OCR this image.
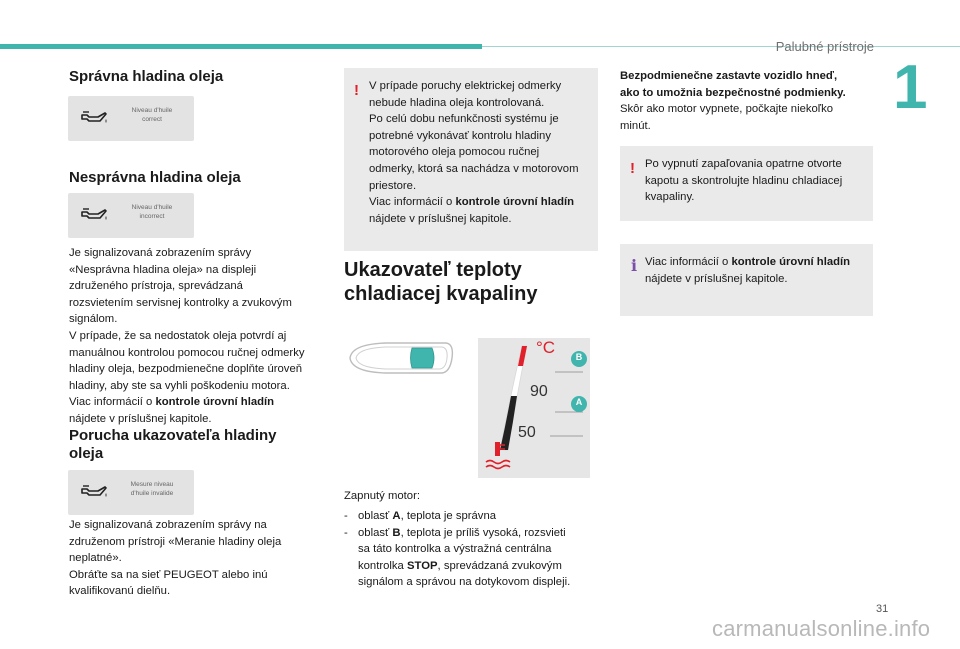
Palubné prístroje
1
Správna hladina oleja
Niveau d'huile
correct
Nesprávna hladina oleja
Niveau d'huile
incorrect
Je signalizovaná zobrazením správy
«Nesprávna hladina oleja» na displeji
združeného prístroja, sprevádzaná
rozsvietením servisnej kontrolky a zvukovým
signálom.
V prípade, že sa nedostatok oleja potvrdí aj
manuálnou kontrolou pomocou ručnej odmerky
hladiny oleja, bezpodmienečne doplňte úroveň
hladiny, aby ste sa vyhli poškodeniu motora.
Viac informácií o kontrole úrovní hladín
nájdete v príslušnej kapitole.
Porucha ukazovateľa hladiny
oleja
Mesure niveau
d'huile invalide
Je signalizovaná zobrazením správy na
združenom prístroji «Meranie hladiny oleja
neplatné».
Obráťte sa na sieť PEUGEOT alebo inú
kvalifikovanú dielňu.
! V prípade poruchy elektrickej odmerky
nebude hladina oleja kontrolovaná.
Po celú dobu nefunkčnosti systému je
potrebné vykonávať kontrolu hladiny
motorového oleja pomocou ručnej
odmerky, ktorá sa nachádza v motorovom
priestore.
Viac informácií o kontrole úrovní hladín
nájdete v príslušnej kapitole.
Ukazovateľ teploty
chladiacej kvapaliny
°C
90
50
B
A
Zapnutý motor:
- oblasť A, teplota je správna
- oblasť B, teplota je príliš vysoká, rozsvieti
sa táto kontrolka a výstražná centrálna
kontrolka STOP, sprevádzaná zvukovým
signálom a správou na dotykovom displeji.
Bezpodmienečne zastavte vozidlo hneď,
ako to umožnia bezpečnostné podmienky.
Skôr ako motor vypnete, počkajte niekoľko
minút.
! Po vypnutí zapaľovania opatrne otvorte
kapotu a skontrolujte hladinu chladiacej
kvapaliny.
i Viac informácií o kontrole úrovní hladín
nájdete v príslušnej kapitole.
31
carmanualsonline.info
